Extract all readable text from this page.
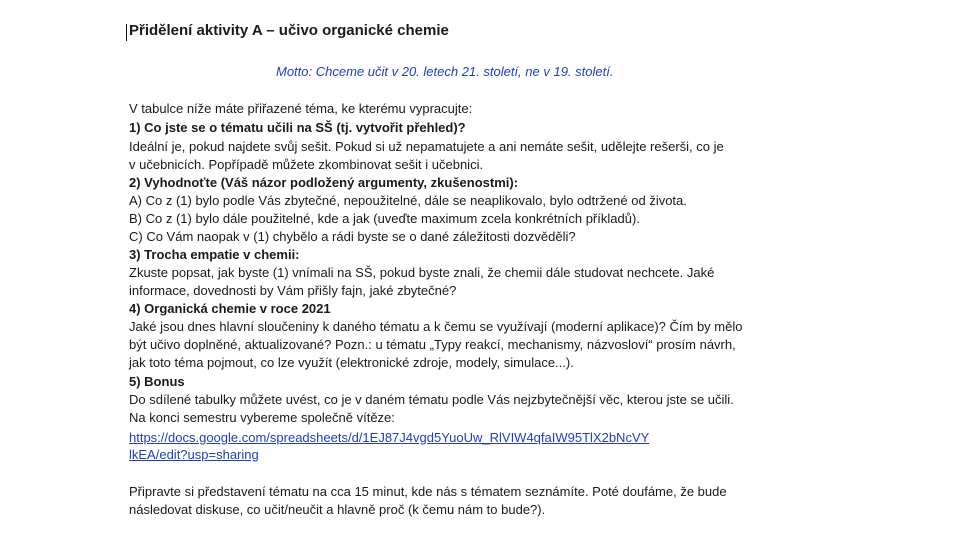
Přidělení aktivity A – učivo organické chemie
Motto: Chceme učit v 20. letech 21. století, ne v 19. století.
V tabulce níže máte přiřazené téma, ke kterému vypracujte:
1) Co jste se o tématu učili na SŠ (tj. vytvořit přehled)?
Ideální je, pokud najdete svůj sešit. Pokud si už nepamatujete a ani nemáte sešit, udělejte rešerši, co je
v učebnicích. Popřípadě můžete zkombinovat sešit i učebnici.
2) Vyhodnoťte (Váš názor podložený argumenty, zkušenostmi):
A) Co z (1) bylo podle Vás zbytečné, nepoužitelné, dále se neaplikovalo, bylo odtržené od života.
B) Co z (1) bylo dále použitelné, kde a jak (uveďte maximum zcela konkrétních příkladů).
C) Co Vám naopak v (1) chybělo a rádi byste se o dané záležitosti dozvěděli?
3) Trocha empatie v chemii:
Zkuste popsat, jak byste (1) vnímali na SŠ, pokud byste znali, že chemii dále studovat nechcete. Jaké
informace, dovednosti by Vám přišly fajn, jaké zbytečné?
4) Organická chemie v roce 2021
Jaké jsou dnes hlavní sloučeniny k daného tématu a k čemu se využívají (moderní aplikace)? Čím by mělo
být učivo doplněné, aktualizované? Pozn.: u tématu „Typy reakcí, mechanismy, názvosloví“ prosím návrh,
jak toto téma pojmout, co lze využít (elektronické zdroje, modely, simulace...).
5) Bonus
Do sdílené tabulky můžete uvést, co je v daném tématu podle Vás nejzbytečnější věc, kterou jste se učili.
Na konci semestru vybereme společně vítěze:
https://docs.google.com/spreadsheets/d/1EJ87J4vgd5YuoUw_RlVIW4qfaIW95TlX2bNcVY
lkEA/edit?usp=sharing
Připravte si představení tématu na cca 15 minut, kde nás s tématem seznámíte. Poté doufáme, že bude
následovat diskuse, co učit/neučit a hlavně proč (k čemu nám to bude?).
